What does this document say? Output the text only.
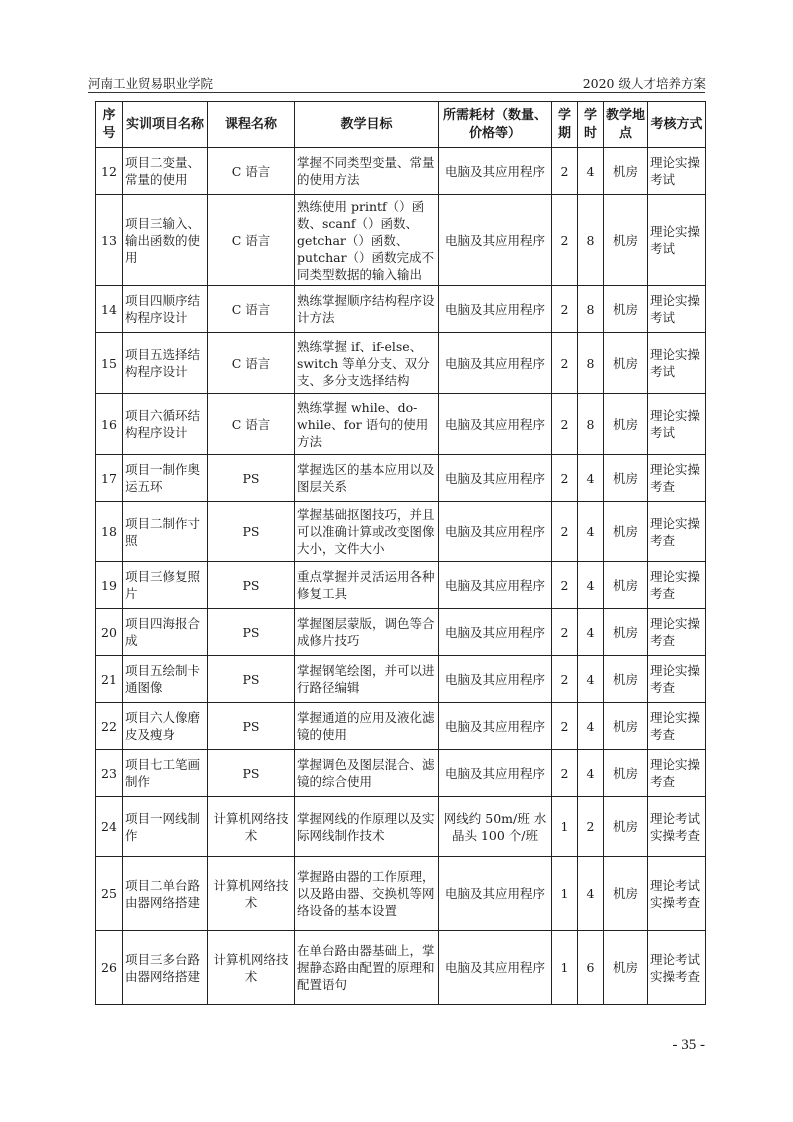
河南工业贸易职业学院	2020 级人才培养方案
序号	实训项目名称	课程名称	教学目标	所需耗材（数量、价格等）	学期	学时	教学地点	考核方式
12	项目二变量、常量的使用	C 语言	掌握不同类型变量、常量的使用方法	电脑及其应用程序	2	4	机房	理论实操考试
13	项目三输入、输出函数的使用	C 语言	熟练使用 printf（）函数、scanf（）函数、getchar（）函数、putchar（）函数完成不同类型数据的输入输出	电脑及其应用程序	2	8	机房	理论实操考试
14	项目四顺序结构程序设计	C 语言	熟练掌握顺序结构程序设计方法	电脑及其应用程序	2	8	机房	理论实操考试
15	项目五选择结构程序设计	C 语言	熟练掌握 if、if-else、switch 等单分支、双分支、多分支选择结构	电脑及其应用程序	2	8	机房	理论实操考试
16	项目六循环结构程序设计	C 语言	熟练掌握 while、do-while、for 语句的使用方法	电脑及其应用程序	2	8	机房	理论实操考试
17	项目一制作奥运五环	PS	掌握选区的基本应用以及图层关系	电脑及其应用程序	2	4	机房	理论实操考查
18	项目二制作寸照	PS	掌握基础抠图技巧，并且可以准确计算或改变图像大小，文件大小	电脑及其应用程序	2	4	机房	理论实操考查
19	项目三修复照片	PS	重点掌握并灵活运用各种修复工具	电脑及其应用程序	2	4	机房	理论实操考查
20	项目四海报合成	PS	掌握图层蒙版，调色等合成修片技巧	电脑及其应用程序	2	4	机房	理论实操考查
21	项目五绘制卡通图像	PS	掌握钢笔绘图，并可以进行路径编辑	电脑及其应用程序	2	4	机房	理论实操考查
22	项目六人像磨皮及瘦身	PS	掌握通道的应用及液化滤镜的使用	电脑及其应用程序	2	4	机房	理论实操考查
23	项目七工笔画制作	PS	掌握调色及图层混合、滤镜的综合使用	电脑及其应用程序	2	4	机房	理论实操考查
24	项目一网线制作	计算机网络技术	掌握网线的作原理以及实际网线制作技术	网线约 50m/班 水晶头 100 个/班	1	2	机房	理论考试实操考查
25	项目二单台路由器网络搭建	计算机网络技术	掌握路由器的工作原理，以及路由器、交换机等网络设备的基本设置	电脑及其应用程序	1	4	机房	理论考试实操考查
26	项目三多台路由器网络搭建	计算机网络技术	在单台路由器基础上，掌握静态路由配置的原理和配置语句	电脑及其应用程序	1	6	机房	理论考试实操考查
- 35 -
